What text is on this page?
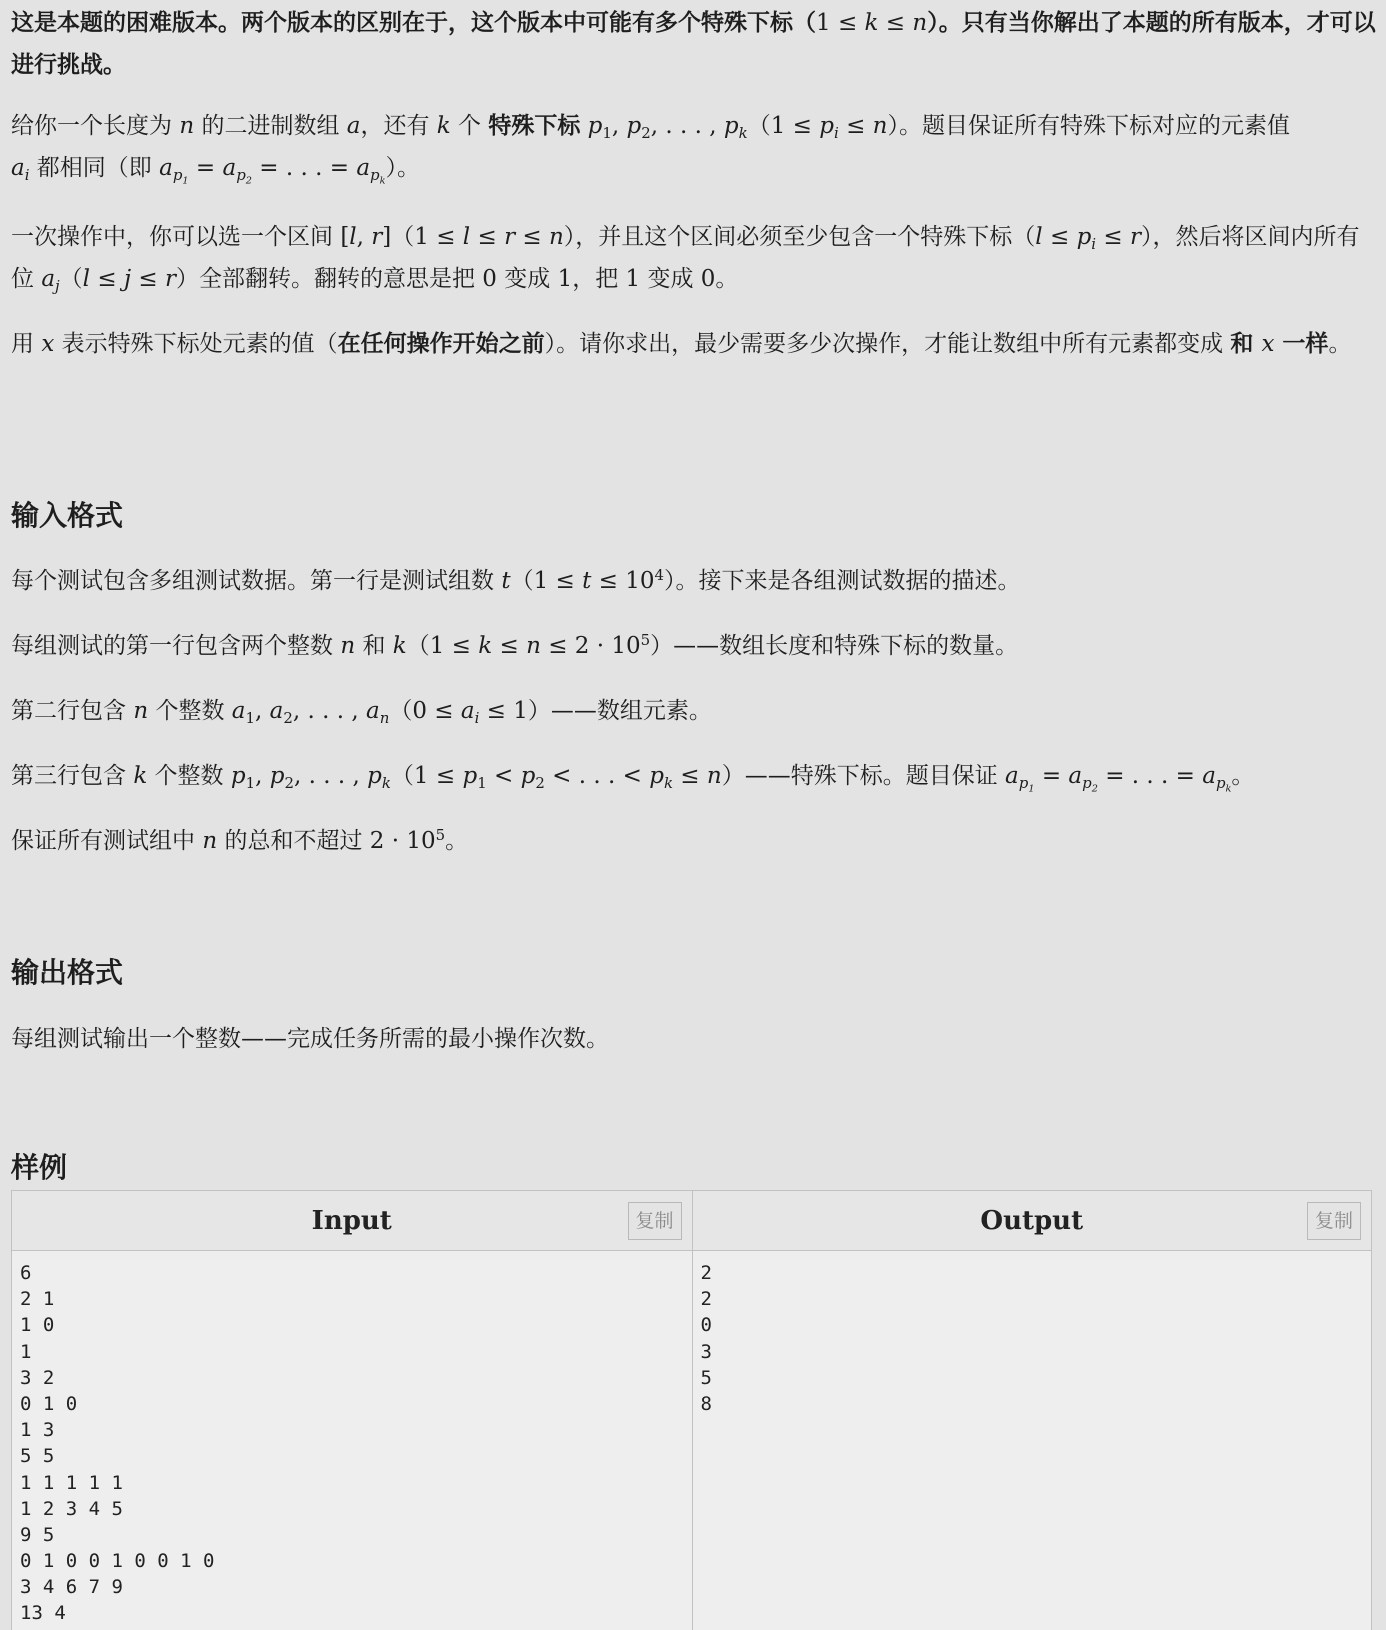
这是本题的困难版本。两个版本的区别在于，这个版本中可能有多个特殊下标（1 ≤ k ≤ n）。只有当你解出了本题的所有版本，才可以进行挑战。
给你一个长度为 n 的二进制数组 a，还有 k 个 特殊下标 $p_1$, $p_2$, . . . , $p_k(1 \le p_i \le n)$。题目保证所有特殊下标对应的元素值
$a_i$ 都相同（即 $a_{p_1} = a_{p_2}$ = . . . = $a_{p_k}$）。
一次操作中，你可以选一个区间 [l, r]（1 ≤ l ≤ r ≤ n），并且这个区间必须至少包含一个特殊下标$(l \le p_i \le r)$，然后将区间内所有位 $a_j(l \le j \le r)$全部翻转。翻转的意思是把 0 变成 1，把 1 变成 0。
用 x 表示特殊下标处元素的值（在任何操作开始之前）。请你求出，最少需要多少次操作，才能让数组中所有元素都变成 和 x 一样。
输入格式
每个测试包含多组测试数据。第一行是测试组数 $t(1 \le t \le 10^4)$。接下来是各组测试数据的描述。
每组测试的第一行包含两个整数 n 和 $k(1 \le k \le n \le 2 \cdot 10^5)——$数组长度和特殊下标的数量。
第二行包含 n 个整数 $a_1$, $a_2$, . . . , $a_n(0 \le a_i$ ≤ 1）——数组元素。
第三行包含 k 个整数 $p_1$, $p_2$, . . . , $p_k(1 \le p_1 < p_2$ < . . . < $p_k$ ≤ n）——特殊下标。题目保证 $a_{p_1} = a_{p_2}$ = . . . = $a_{p_k}$。
保证所有测试组中 n 的总和不超过 $2 \cdot 10^5$。
输出格式
每组测试输出一个整数——完成任务所需的最小操作次数。
样例
Input	复制
6
2 1
1 0
1
3 2
0 1 0
1 3
5 5
1 1 1 1 1
1 2 3 4 5
9 5
0 1 0 0 1 0 0 1 0
3 4 6 7 9
13 4
Output	复制
2
2
0
3
5
8
